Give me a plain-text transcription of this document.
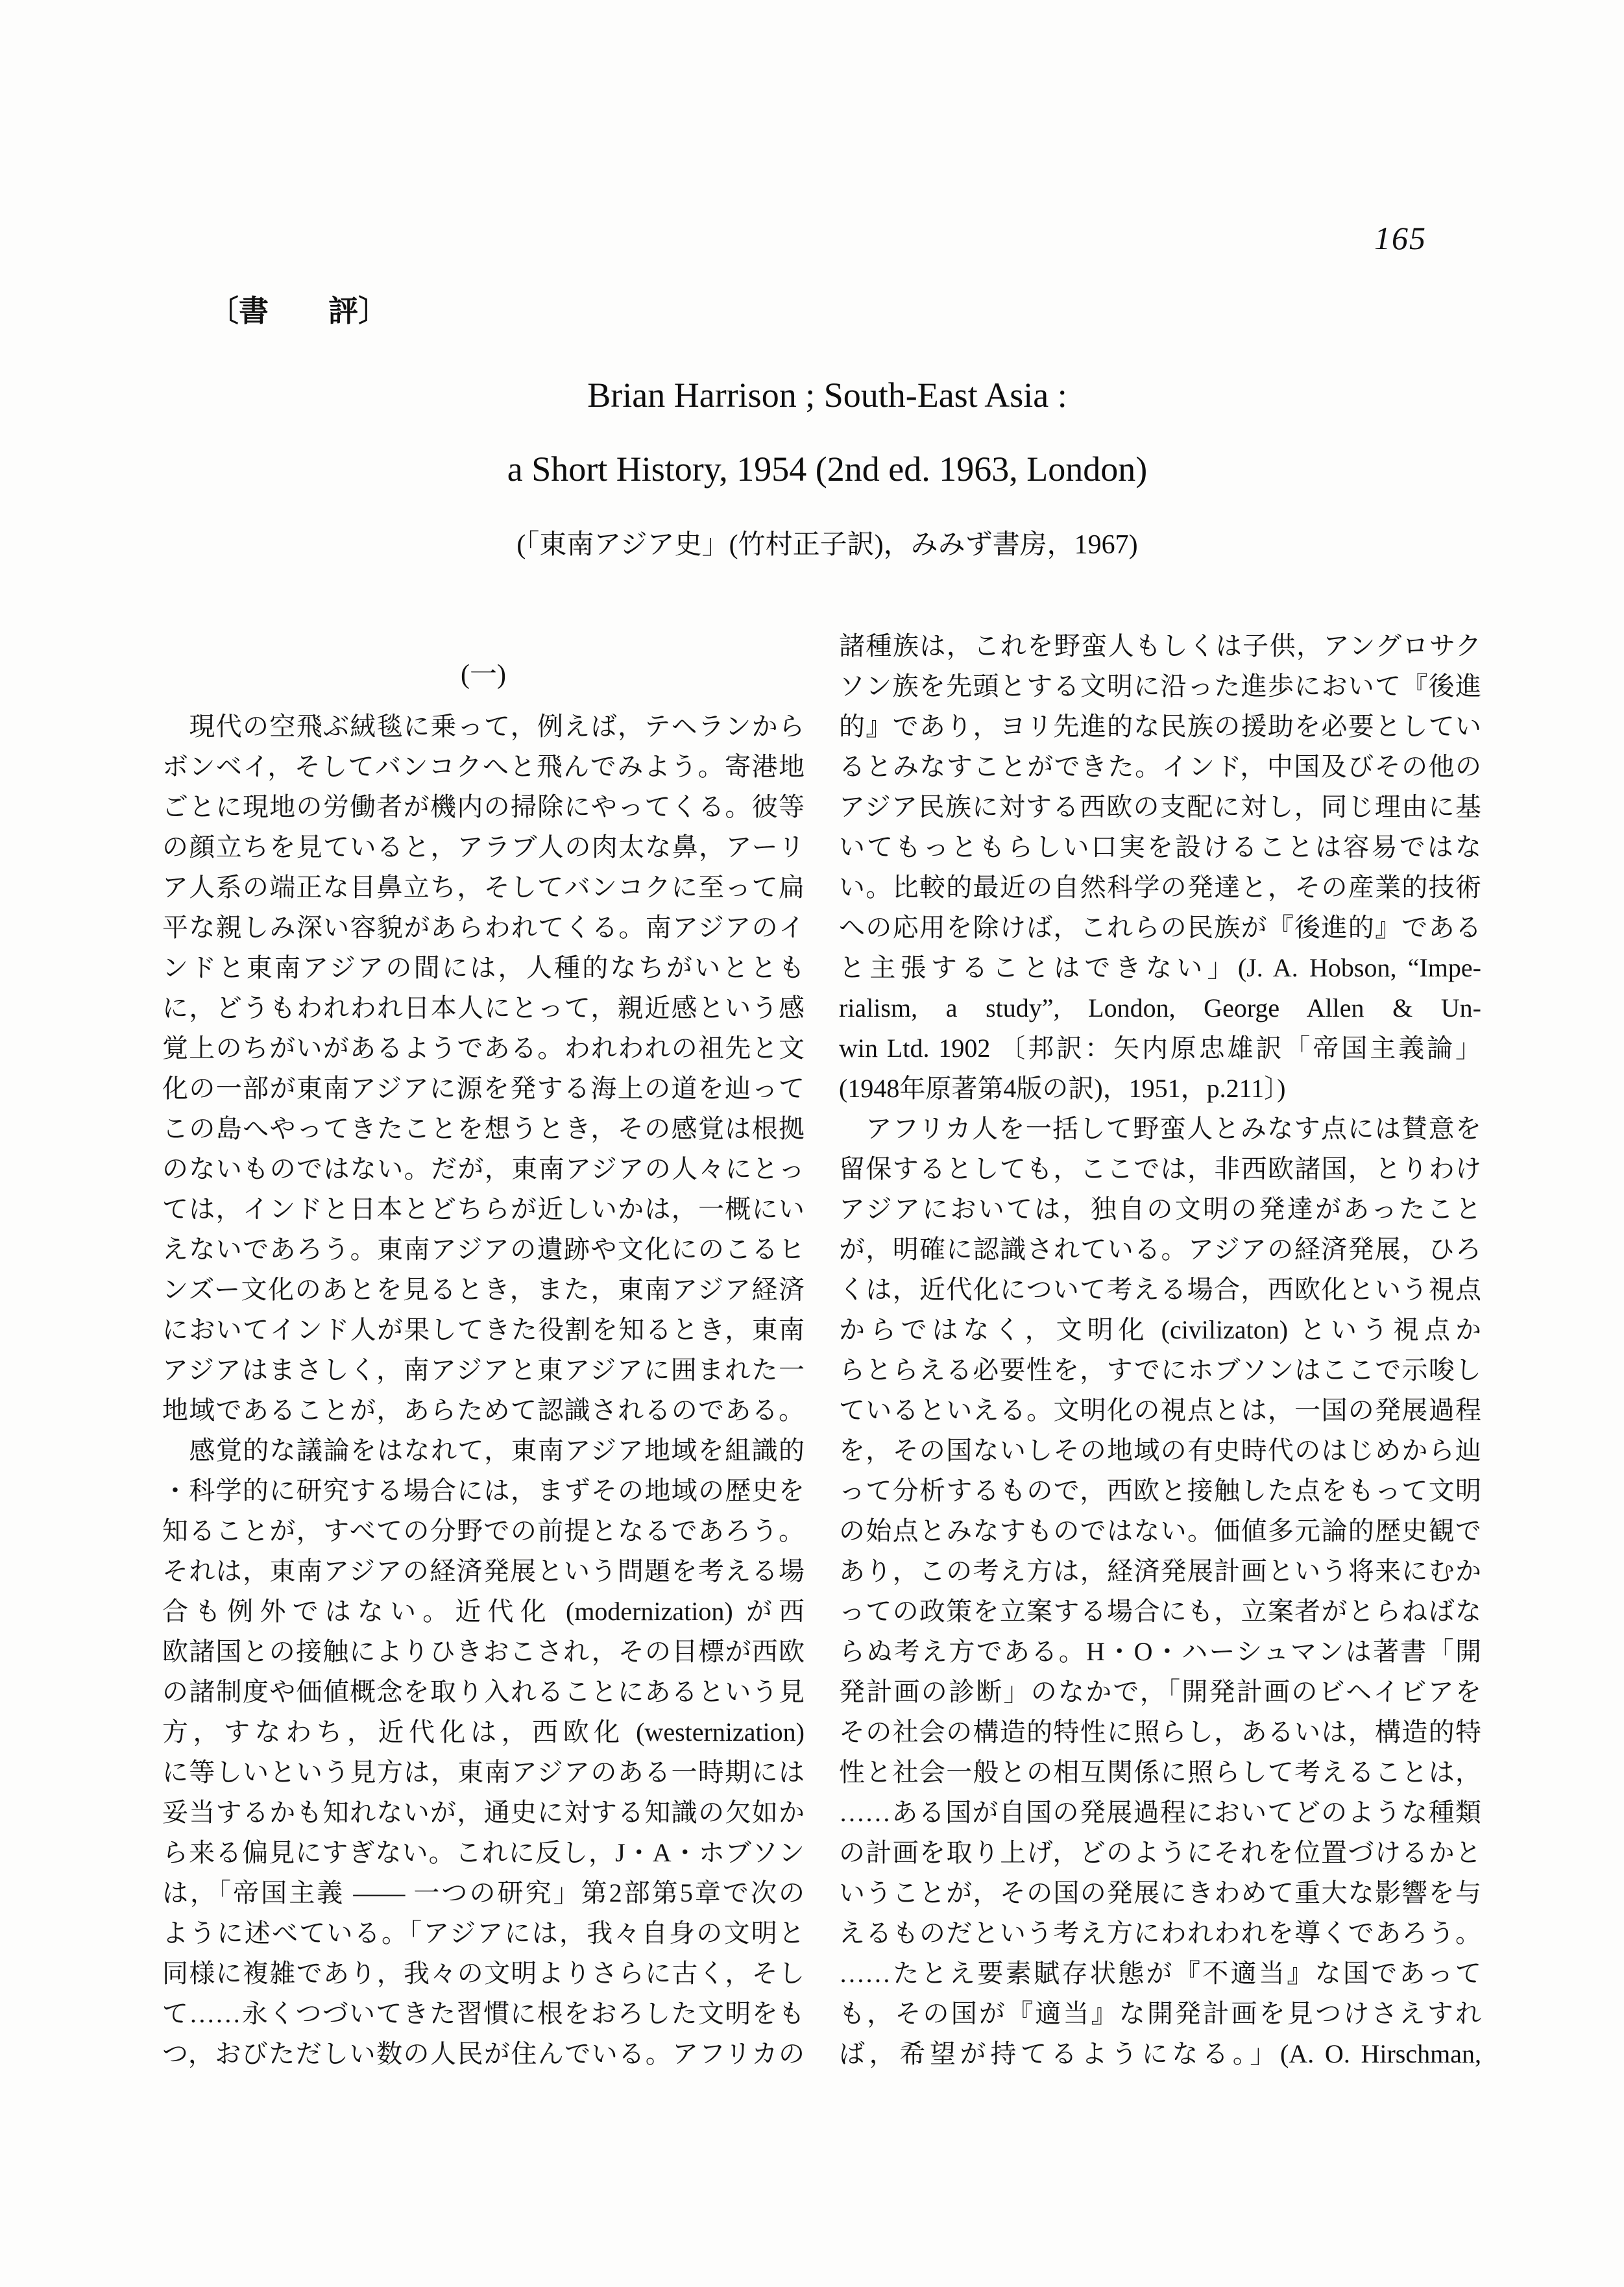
165
〔書　　評〕
Brian Harrison ; South-East Asia :
a Short History, 1954 (2nd ed. 1963, London)
(「東南アジア史」(竹村正子訳)，みみず書房，1967)
(一)
　現代の空飛ぶ絨毯に乗って，例えば，テヘランから
ボンベイ，そしてバンコクへと飛んでみよう。寄港地
ごとに現地の労働者が機内の掃除にやってくる。彼等
の顔立ちを見ていると，アラブ人の肉太な鼻，アーリ
ア人系の端正な目鼻立ち，そしてバンコクに至って扁
平な親しみ深い容貌があらわれてくる。南アジアのイ
ンドと東南アジアの間には，人種的なちがいととも
に，どうもわれわれ日本人にとって，親近感という感
覚上のちがいがあるようである。われわれの祖先と文
化の一部が東南アジアに源を発する海上の道を辿って
この島へやってきたことを想うとき，その感覚は根拠
のないものではない。だが，東南アジアの人々にとっ
ては，インドと日本とどちらが近しいかは，一概にい
えないであろう。東南アジアの遺跡や文化にのこるヒ
ンズー文化のあとを見るとき，また，東南アジア経済
においてインド人が果してきた役割を知るとき，東南
アジアはまさしく，南アジアと東アジアに囲まれた一
地域であることが，あらためて認識されるのである。
　感覚的な議論をはなれて，東南アジア地域を組識的
・科学的に研究する場合には，まずその地域の歴史を
知ることが，すべての分野での前提となるであろう。
それは，東南アジアの経済発展という問題を考える場
合も例外ではない。近代化 (modernization) が西
欧諸国との接触によりひきおこされ，その目標が西欧
の諸制度や価値概念を取り入れることにあるという見
方，すなわち，近代化は，西欧化 (westernization)
に等しいという見方は，東南アジアのある一時期には
妥当するかも知れないが，通史に対する知識の欠如か
ら来る偏見にすぎない。これに反し，J・A・ホブソン
は，「帝国主義 ―― 一つの研究」第2部第5章で次の
ように述べている。「アジアには，我々自身の文明と
同様に複雑であり，我々の文明よりさらに古く，そし
て……永くつづいてきた習慣に根をおろした文明をも
つ，おびただしい数の人民が住んでいる。アフリカの
諸種族は，これを野蛮人もしくは子供，アングロサク
ソン族を先頭とする文明に沿った進歩において『後進
的』であり，ヨリ先進的な民族の援助を必要としてい
るとみなすことができた。インド，中国及びその他の
アジア民族に対する西欧の支配に対し，同じ理由に基
いてもっともらしい口実を設けることは容易ではな
い。比較的最近の自然科学の発達と，その産業的技術
への応用を除けば，これらの民族が『後進的』である
と主張することはできない」(J. A. Hobson, “Impe-
rialism, a study”, London, George Allen & Un-
win Ltd. 1902 〔邦訳：矢内原忠雄訳「帝国主義論」
(1948年原著第4版の訳)，1951，p.211〕)
　アフリカ人を一括して野蛮人とみなす点には賛意を
留保するとしても，ここでは，非西欧諸国，とりわけ
アジアにおいては，独自の文明の発達があったこと
が，明確に認識されている。アジアの経済発展，ひろ
くは，近代化について考える場合，西欧化という視点
からではなく，文明化 (civilizaton) という視点か
らとらえる必要性を，すでにホブソンはここで示唆し
ているといえる。文明化の視点とは，一国の発展過程
を，その国ないしその地域の有史時代のはじめから辿
って分析するもので，西欧と接触した点をもって文明
の始点とみなすものではない。価値多元論的歴史観で
あり，この考え方は，経済発展計画という将来にむか
っての政策を立案する場合にも，立案者がとらねばな
らぬ考え方である。H・O・ハーシュマンは著書「開
発計画の診断」のなかで，「開発計画のビヘイビアを
その社会の構造的特性に照らし，あるいは，構造的特
性と社会一般との相互関係に照らして考えることは，
……ある国が自国の発展過程においてどのような種類
の計画を取り上げ，どのようにそれを位置づけるかと
いうことが，その国の発展にきわめて重大な影響を与
えるものだという考え方にわれわれを導くであろう。
……たとえ要素賦存状態が『不適当』な国であって
も，その国が『適当』な開発計画を見つけさえすれ
ば，希望が持てるようになる。」(A. O. Hirschman,
